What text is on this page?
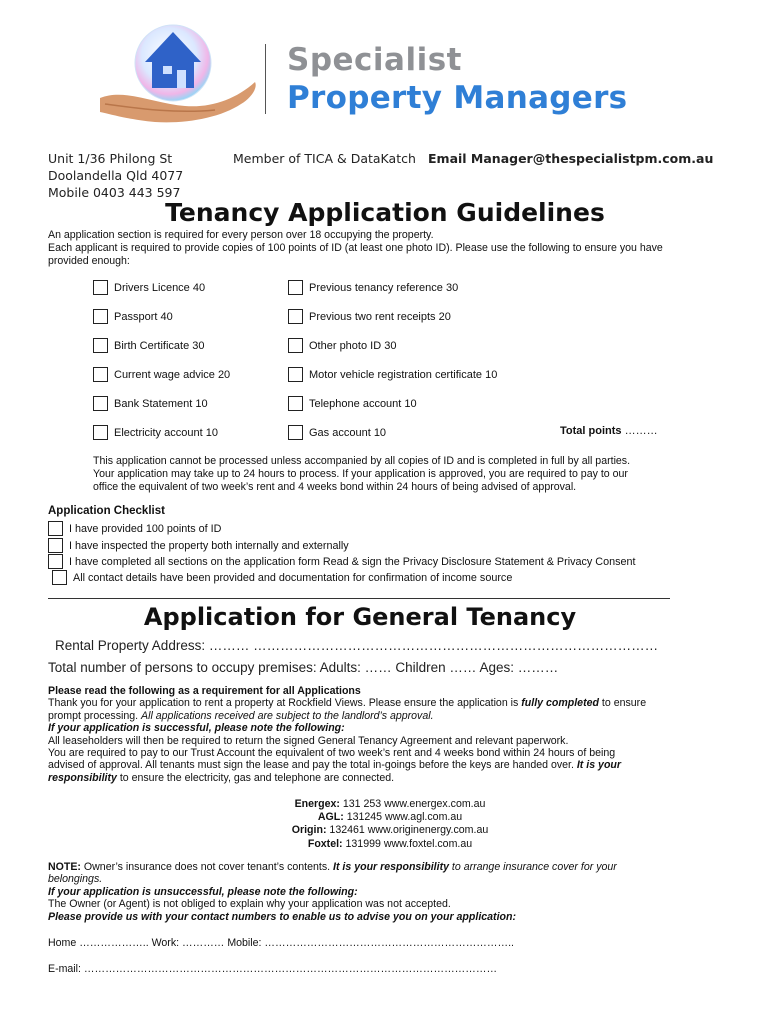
Specialist
Property Managers
Unit 1/36 Philong St
Doolandella Qld 4077
Mobile 0403 443 597
Member of TICA & DataKatch Email Manager@thespecialistpm.com.au
Tenancy Application Guidelines
An application section is required for every person over 18 occupying the property.
Each applicant is required to provide copies of 100 points of ID (at least one photo ID). Please use the following to ensure you have
provided enough:
Drivers Licence 40	Previous tenancy reference 30
Passport 40	Previous two rent receipts 20
Birth Certificate 30	Other photo ID 30
Current wage advice 20	Motor vehicle registration certificate 10
Bank Statement 10	Telephone account 10
Electricity account 10	Gas account 10	Total points ………
This application cannot be processed unless accompanied by all copies of ID and is completed in full by all parties.
Your application may take up to 24 hours to process. If your application is approved, you are required to pay to our
office the equivalent of two week’s rent and 4 weeks bond within 24 hours of being advised of approval.
Application Checklist
I have provided 100 points of ID
I have inspected the property both internally and externally
I have completed all sections on the application form Read & sign the Privacy Disclosure Statement & Privacy Consent
All contact details have been provided and documentation for confirmation of income source
Application for General Tenancy
Rental Property Address: ……… ………………………………………………………………………………
Total number of persons to occupy premises: Adults: …… Children …… Ages: ………
Please read the following as a requirement for all Applications
Thank you for your application to rent a property at Rockfield Views. Please ensure the application is fully completed to ensure
prompt processing. All applications received are subject to the landlord’s approval.
If your application is successful, please note the following:
All leaseholders will then be required to return the signed General Tenancy Agreement and relevant paperwork.
You are required to pay to our Trust Account the equivalent of two week’s rent and 4 weeks bond within 24 hours of being
advised of approval. All tenants must sign the lease and pay the total in-goings before the keys are handed over. It is your
responsibility to ensure the electricity, gas and telephone are connected.
Energex: 131 253 www.energex.com.au
AGL: 131245 www.agl.com.au
Origin: 132461 www.originenergy.com.au
Foxtel: 131999 www.foxtel.com.au
NOTE: Owner’s insurance does not cover tenant’s contents. It is your responsibility to arrange insurance cover for your
belongings.
If your application is unsuccessful, please note the following:
The Owner (or Agent) is not obliged to explain why your application was not accepted.
Please provide us with your contact numbers to enable us to advise you on your application:
Home ……………….. Work: ………… Mobile: ……………………………………………………………..
E-mail: ………………………………………………………………………………………………………
